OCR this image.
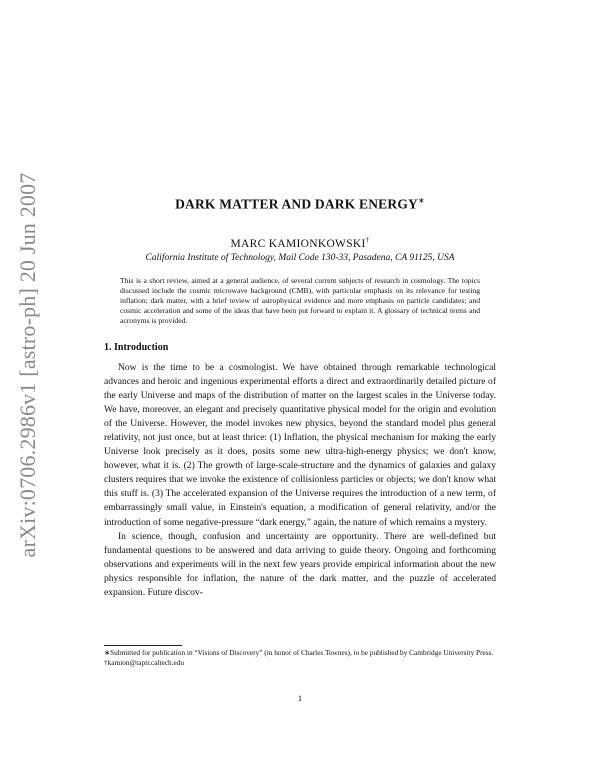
arXiv:0706.2986v1 [astro-ph] 20 Jun 2007	DARK MATTER AND DARK ENERGY∗
MARC KAMIONKOWSKI†
California Institute of Technology, Mail Code 130-33, Pasadena, CA 91125, USA
This is a short review, aimed at a general audience, of several current subjects of research in cosmology. The topics discussed include the cosmic microwave background (CMB), with particular emphasis on its relevance for testing inflation; dark matter, with a brief review of astrophysical evidence and more emphasis on particle candidates; and cosmic acceleration and some of the ideas that have been put forward to explain it. A glossary of technical terms and acronyms is provided.
1. Introduction

Now is the time to be a cosmologist. We have obtained through remarkable technological advances and heroic and ingenious experimental efforts a direct and extraordinarily detailed picture of the early Universe and maps of the distribution of matter on the largest scales in the Universe today. We have, moreover, an elegant and precisely quantitative physical model for the origin and evolution of the Universe. However, the model invokes new physics, beyond the standard model plus general relativity, not just once, but at least thrice: (1) Inflation, the physical mechanism for making the early Universe look precisely as it does, posits some new ultra-high-energy physics; we don't know, however, what it is. (2) The growth of large-scale-structure and the dynamics of galaxies and galaxy clusters requires that we invoke the existence of collisionless particles or objects; we don't know what this stuff is. (3) The accelerated expansion of the Universe requires the introduction of a new term, of embarrassingly small value, in Einstein's equation, a modification of general relativity, and/or the introduction of some negative-pressure “dark energy,” again, the nature of which remains a mystery.

In science, though, confusion and uncertainty are opportunity. There are well-defined but fundamental questions to be answered and data arriving to guide theory. Ongoing and forthcoming observations and experiments will in the next few years provide empirical information about the new physics responsible for inflation, the nature of the dark matter, and the puzzle of accelerated expansion. Future discov-

∗Submitted for publication in “Visions of Discovery” (in honor of Charles Townes), to be published by Cambridge University Press.

†kamion@tapir.caltech.edu

1
